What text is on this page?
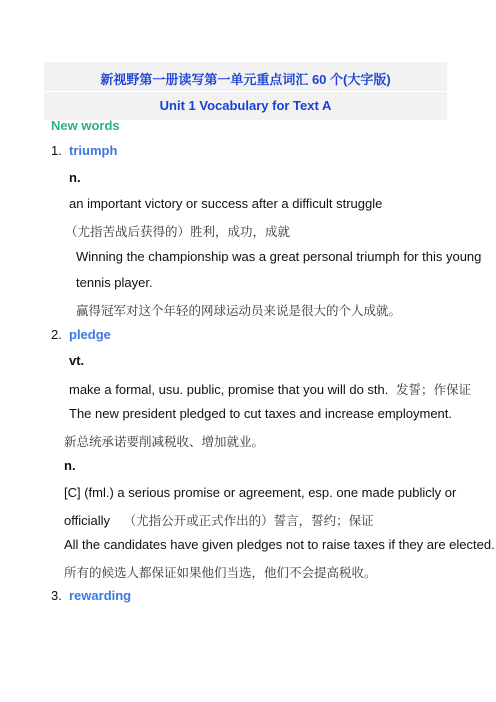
新视野第一册读写第一单元重点词汇 60 个(大字版)
Unit 1 Vocabulary for Text A
New words
1. triumph
n.
an important victory or success after a difficult struggle
（尤指苦战后获得的）胜利，成功，成就
Winning the championship was a great personal triumph for this young
tennis player.
赢得冠军对这个年轻的网球运动员来说是很大的个人成就。
2. pledge
vt.
make a formal, usu. public, promise that you will do sth. 发誓；作保证
The new president pledged to cut taxes and increase employment.
新总统承诺要削减税收、增加就业。
n.
[C] (fml.) a serious promise or agreement, esp. one made publicly or
officially （尤指公开或正式作出的）誓言，誓约；保证
All the candidates have given pledges not to raise taxes if they are elected.
所有的候选人都保证如果他们当选，他们不会提高税收。
3. rewarding
